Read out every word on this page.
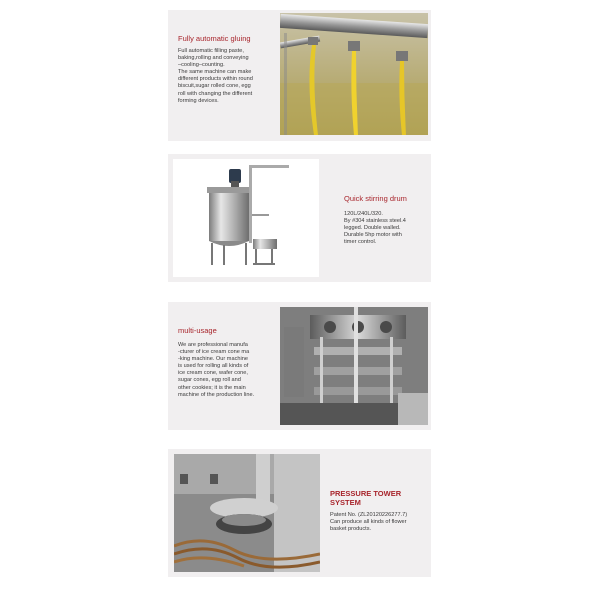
Fully automatic gluing
Full automatic filling paste,
baking,rolling and conveying
–cooling–counting.
The same machine can make
different products within round
biscuit,sugar rolled cone, egg
roll with changing the different
forming devices.
Quick stirring drum
120L/240L/320.
By #304 stainless steel.4
legged. Double walled.
Durable 5hp motor with
timer control.
multi-usage
We are professional manufa
-cturer of ice cream cone ma
-king machine. Our machine
is used for rolling all kinds of
ice cream cone, wafer cone,
sugar cones, egg roll and
other cookies; it is the main
machine of the production line.
PRESSURE TOWER SYSTEM
Patent No. (ZL20120226277.7)
Can produce all kinds of flower
basket products.
